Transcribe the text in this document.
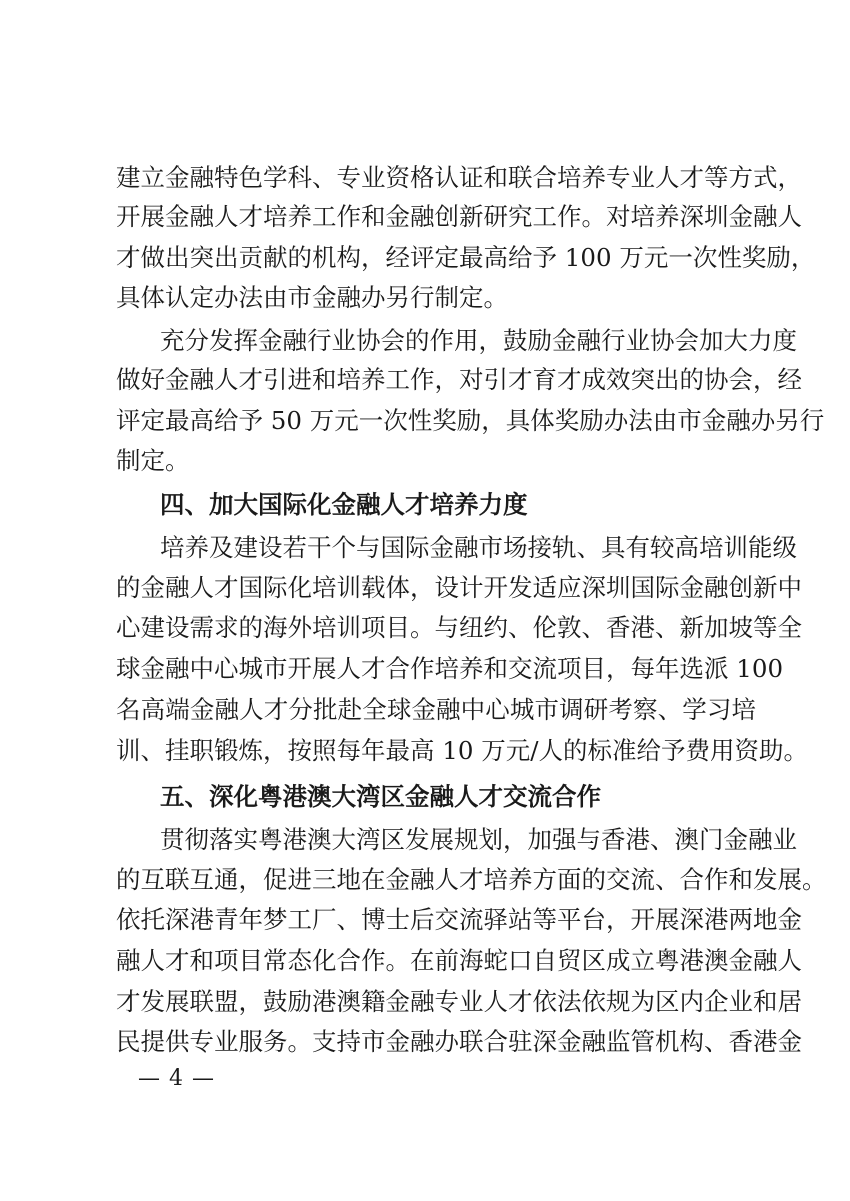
建立金融特色学科、专业资格认证和联合培养专业人才等方式，
开展金融人才培养工作和金融创新研究工作。对培养深圳金融人
才做出突出贡献的机构，经评定最高给予 100 万元一次性奖励，
具体认定办法由市金融办另行制定。
充分发挥金融行业协会的作用，鼓励金融行业协会加大力度
做好金融人才引进和培养工作，对引才育才成效突出的协会，经
评定最高给予 50 万元一次性奖励，具体奖励办法由市金融办另行
制定。
四、加大国际化金融人才培养力度
培养及建设若干个与国际金融市场接轨、具有较高培训能级
的金融人才国际化培训载体，设计开发适应深圳国际金融创新中
心建设需求的海外培训项目。与纽约、伦敦、香港、新加坡等全
球金融中心城市开展人才合作培养和交流项目，每年选派 100
名高端金融人才分批赴全球金融中心城市调研考察、学习培
训、挂职锻炼，按照每年最高 10 万元/人的标准给予费用资助。
五、深化粤港澳大湾区金融人才交流合作
贯彻落实粤港澳大湾区发展规划，加强与香港、澳门金融业
的互联互通，促进三地在金融人才培养方面的交流、合作和发展。
依托深港青年梦工厂、博士后交流驿站等平台，开展深港两地金
融人才和项目常态化合作。在前海蛇口自贸区成立粤港澳金融人
才发展联盟，鼓励港澳籍金融专业人才依法依规为区内企业和居
民提供专业服务。支持市金融办联合驻深金融监管机构、香港金
— 4 —
